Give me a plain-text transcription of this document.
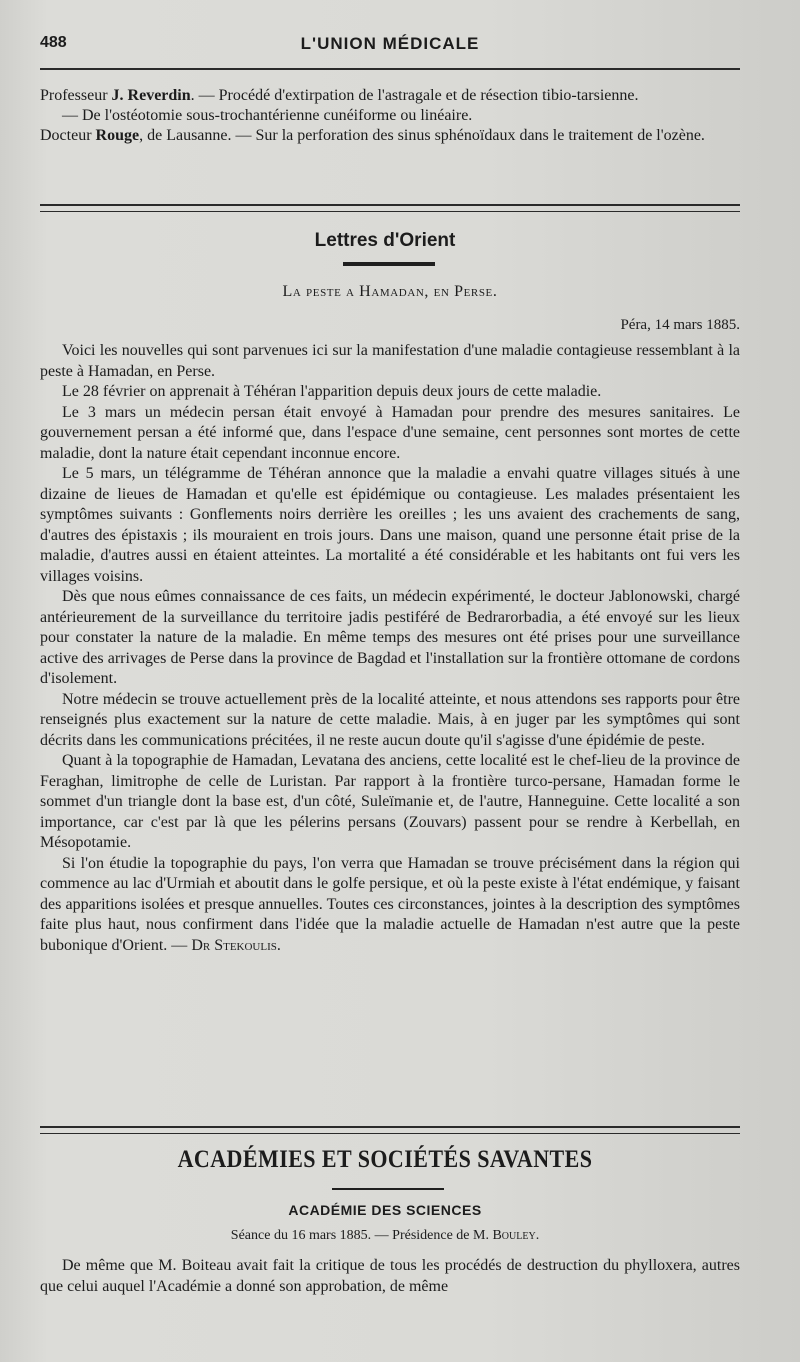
488	L'UNION MÉDICALE

Professeur J. Reverdin. — Procédé d'extirpation de l'astragale et de résection tibio-tarsienne.

— De l'ostéotomie sous-trochantérienne cunéiforme ou linéaire.

Docteur Rouge, de Lausanne. — Sur la perforation des sinus sphénoïdaux dans le traitement de l'ozène.

Lettres d'Orient
La peste a Hamadan, en Perse.
Péra, 14 mars 1885.

Voici les nouvelles qui sont parvenues ici sur la manifestation d'une maladie contagieuse ressemblant à la peste à Hamadan, en Perse.

Le 28 février on apprenait à Téhéran l'apparition depuis deux jours de cette maladie.

Le 3 mars un médecin persan était envoyé à Hamadan pour prendre des mesures sanitaires. Le gouvernement persan a été informé que, dans l'espace d'une semaine, cent personnes sont mortes de cette maladie, dont la nature était cependant inconnue encore.

Le 5 mars, un télégramme de Téhéran annonce que la maladie a envahi quatre villages situés à une dizaine de lieues de Hamadan et qu'elle est épidémique ou contagieuse. Les malades présentaient les symptômes suivants : Gonflements noirs derrière les oreilles ; les uns avaient des crachements de sang, d'autres des épistaxis ; ils mouraient en trois jours. Dans une maison, quand une personne était prise de la maladie, d'autres aussi en étaient atteintes. La mortalité a été considérable et les habitants ont fui vers les villages voisins.

Dès que nous eûmes connaissance de ces faits, un médecin expérimenté, le docteur Jablonowski, chargé antérieurement de la surveillance du territoire jadis pestiféré de Bedrarorbadia, a été envoyé sur les lieux pour constater la nature de la maladie. En même temps des mesures ont été prises pour une surveillance active des arrivages de Perse dans la province de Bagdad et l'installation sur la frontière ottomane de cordons d'isolement.

Notre médecin se trouve actuellement près de la localité atteinte, et nous attendons ses rapports pour être renseignés plus exactement sur la nature de cette maladie. Mais, à en juger par les symptômes qui sont décrits dans les communications précitées, il ne reste aucun doute qu'il s'agisse d'une épidémie de peste.

Quant à la topographie de Hamadan, Levatana des anciens, cette localité est le chef-lieu de la province de Feraghan, limitrophe de celle de Luristan. Par rapport à la frontière turco-persane, Hamadan forme le sommet d'un triangle dont la base est, d'un côté, Suleïmanie et, de l'autre, Hanneguine. Cette localité a son importance, car c'est par là que les pélerins persans (Zouvars) passent pour se rendre à Kerbellah, en Mésopotamie.

Si l'on étudie la topographie du pays, l'on verra que Hamadan se trouve précisément dans la région qui commence au lac d'Urmiah et aboutit dans le golfe persique, et où la peste existe à l'état endémique, y faisant des apparitions isolées et presque annuelles. Toutes ces circonstances, jointes à la description des symptômes faite plus haut, nous confirment dans l'idée que la maladie actuelle de Hamadan n'est autre que la peste bubonique d'Orient. — Dr Stekoulis.

ACADÉMIES ET SOCIÉTÉS SAVANTES
ACADÉMIE DES SCIENCES
Séance du 16 mars 1885. — Présidence de M. Bouley.

De même que M. Boiteau avait fait la critique de tous les procédés de destruction du phylloxera, autres que celui auquel l'Académie a donné son approbation, de même
